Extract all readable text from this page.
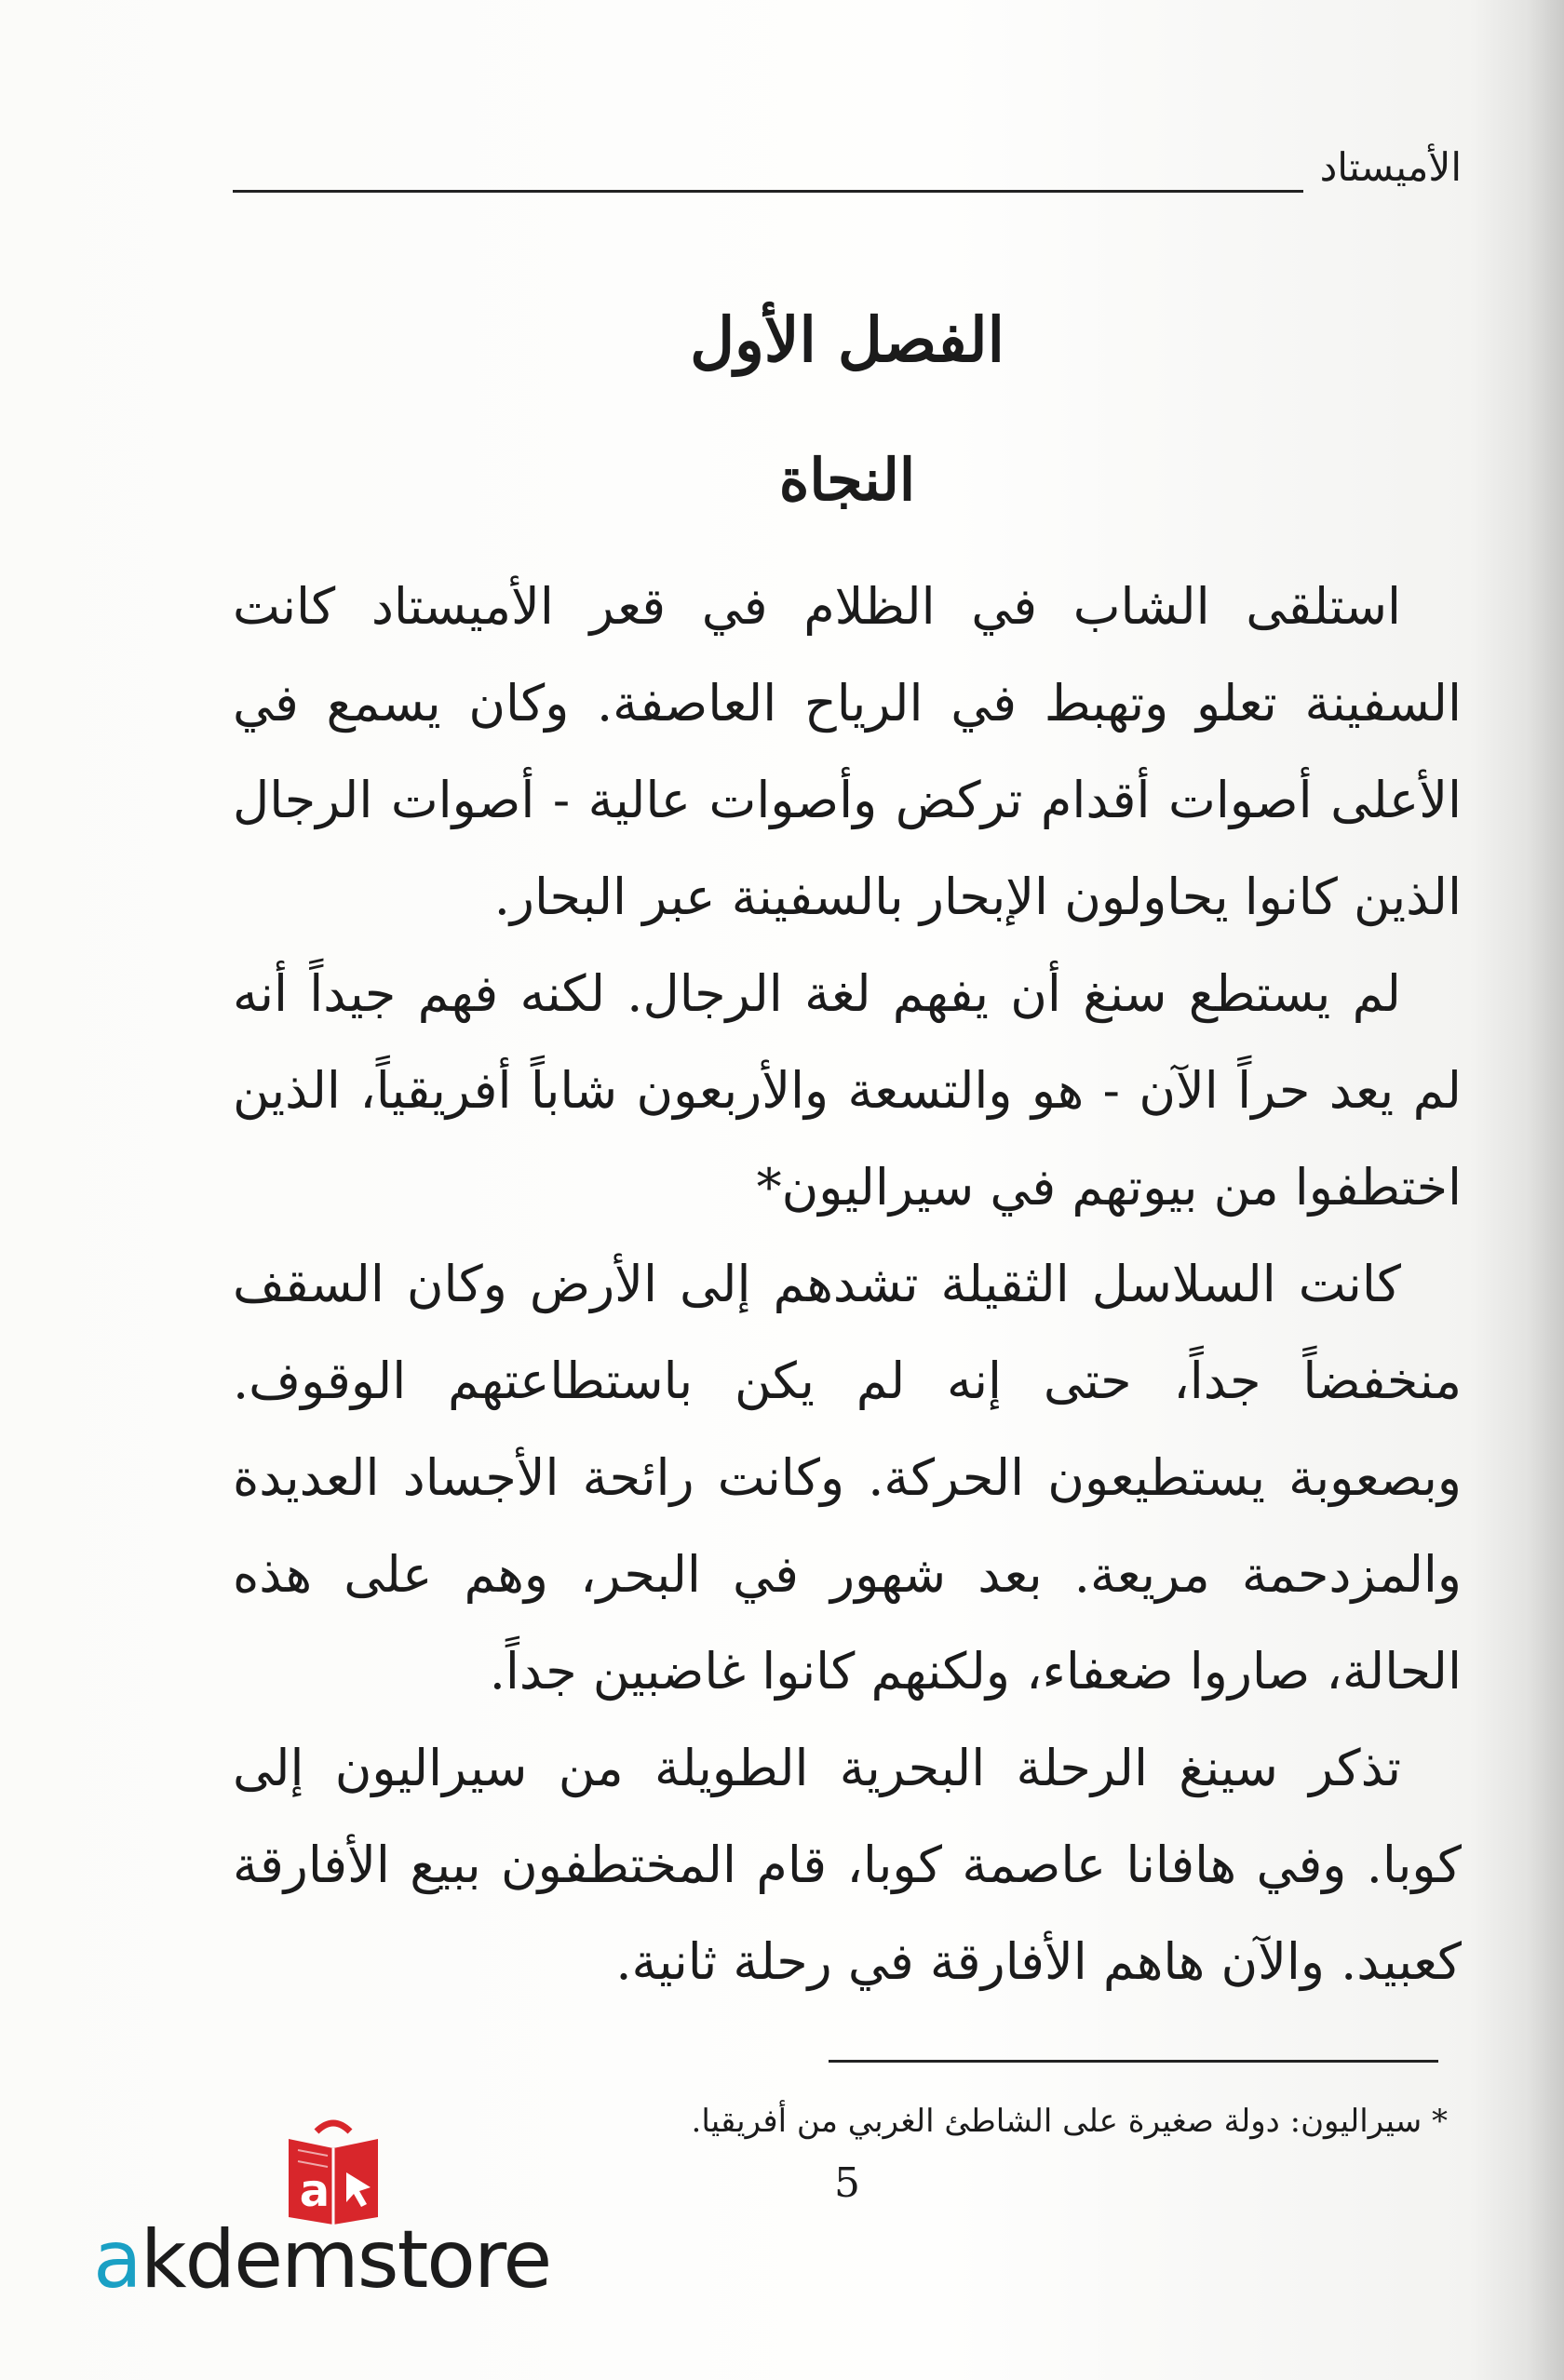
الأميستاد
الفصل الأول
النجاة

استلقى الشاب في الظلام في قعر الأميستاد كانت السفينة تعلو وتهبط في الرياح العاصفة. وكان يسمع في الأعلى أصوات أقدام تركض وأصوات عالية - أصوات الرجال الذين كانوا يحاولون الإبحار بالسفينة عبر البحار.

لم يستطع سنغ أن يفهم لغة الرجال. لكنه فهم جيداً أنه لم يعد حراً الآن - هو والتسعة والأربعون شاباً أفريقياً، الذين اختطفوا من بيوتهم في سيراليون*

كانت السلاسل الثقيلة تشدهم إلى الأرض وكان السقف منخفضاً جداً، حتى إنه لم يكن باستطاعتهم الوقوف. وبصعوبة يستطيعون الحركة. وكانت رائحة الأجساد العديدة والمزدحمة مريعة. بعد شهور في البحر، وهم على هذه الحالة، صاروا ضعفاء، ولكنهم كانوا غاضبين جداً.

تذكر سينغ الرحلة البحرية الطويلة من سيراليون إلى كوبا. وفي هافانا عاصمة كوبا، قام المختطفون ببيع الأفارقة كعبيد. والآن هاهم الأفارقة في رحلة ثانية.

* سيراليون: دولة صغيرة على الشاطئ الغربي من أفريقيا.
5
a
akdemstore
